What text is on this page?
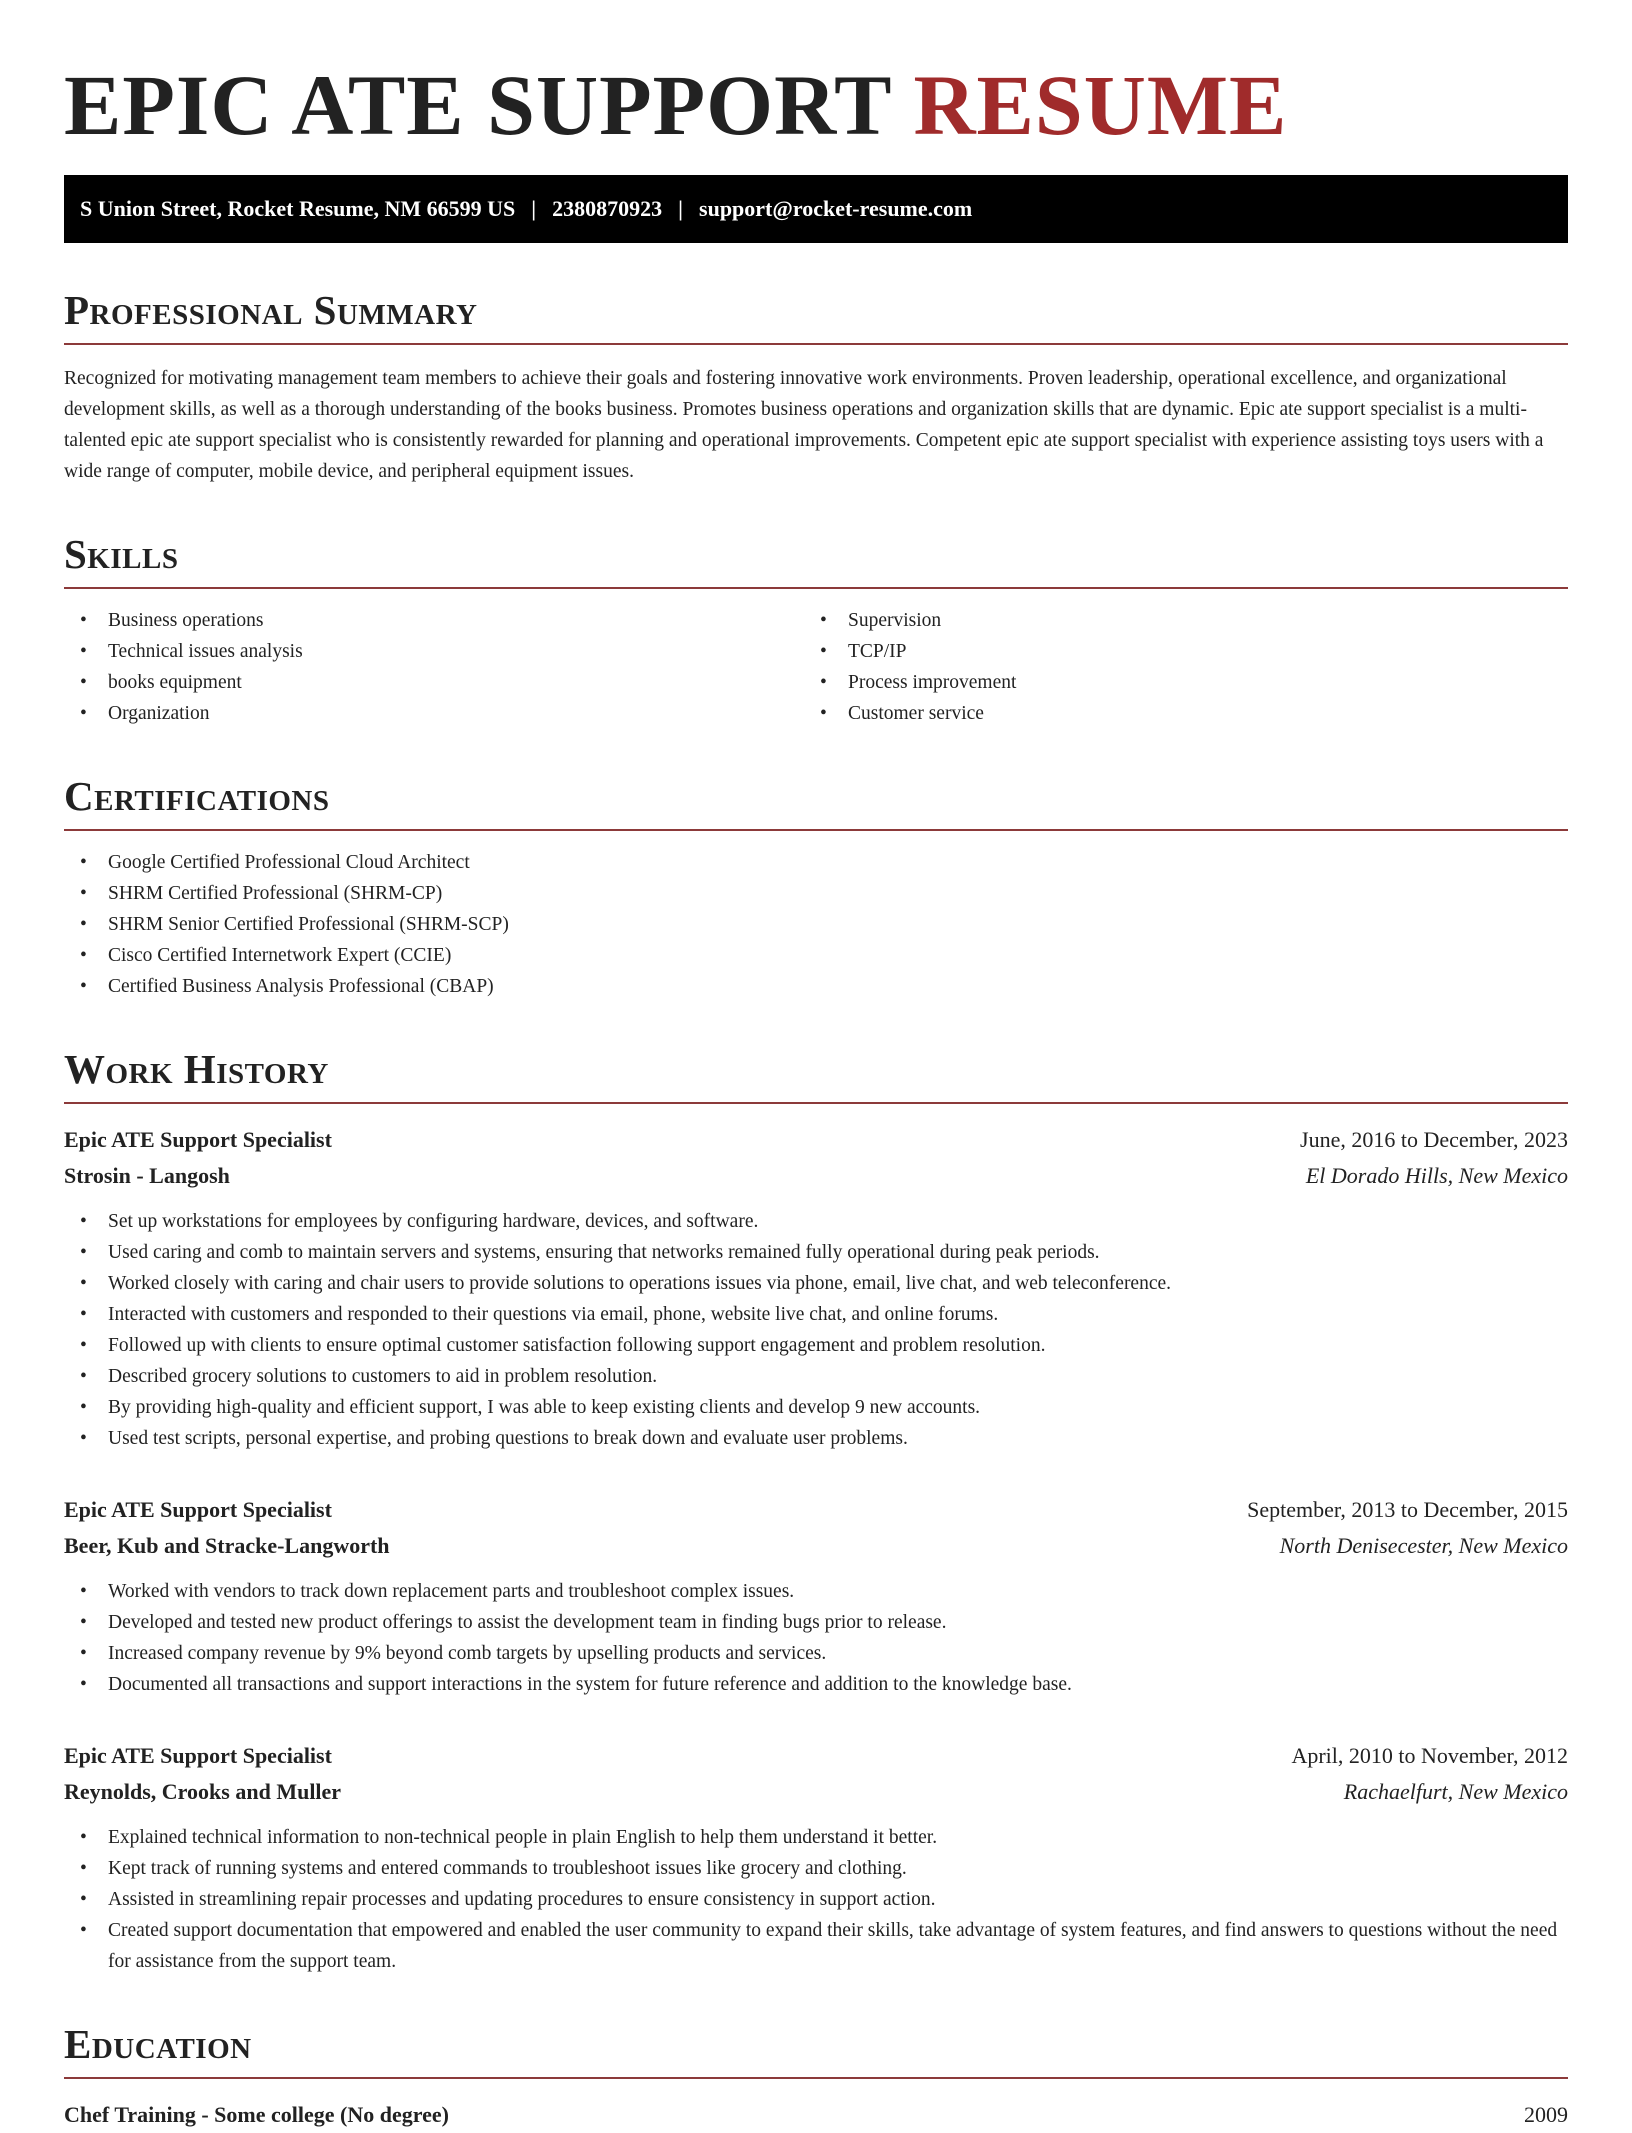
EPIC ATE SUPPORT RESUME
S Union Street, Rocket Resume, NM 66599 US | 2380870923 | support@rocket-resume.com
Professional Summary

Recognized for motivating management team members to achieve their goals and fostering innovative work environments. Proven leadership, operational excellence, and organizational development skills, as well as a thorough understanding of the books business. Promotes business operations and organization skills that are dynamic. Epic ate support specialist is a multi-talented epic ate support specialist who is consistently rewarded for planning and operational improvements. Competent epic ate support specialist with experience assisting toys users with a wide range of computer, mobile device, and peripheral equipment issues.

Skills
• Business operations
• Technical issues analysis
• books equipment
• Organization
• Supervision
• TCP/IP
• Process improvement
• Customer service
Certifications
• Google Certified Professional Cloud Architect
• SHRM Certified Professional (SHRM-CP)
• SHRM Senior Certified Professional (SHRM-SCP)
• Cisco Certified Internetwork Expert (CCIE)
• Certified Business Analysis Professional (CBAP)
Work History
Epic ATE Support Specialist	June, 2016 to December, 2023
Strosin - Langosh	El Dorado Hills, New Mexico
• Set up workstations for employees by configuring hardware, devices, and software.
• Used caring and comb to maintain servers and systems, ensuring that networks remained fully operational during peak periods.
• Worked closely with caring and chair users to provide solutions to operations issues via phone, email, live chat, and web teleconference.
• Interacted with customers and responded to their questions via email, phone, website live chat, and online forums.
• Followed up with clients to ensure optimal customer satisfaction following support engagement and problem resolution.
• Described grocery solutions to customers to aid in problem resolution.
• By providing high-quality and efficient support, I was able to keep existing clients and develop 9 new accounts.
• Used test scripts, personal expertise, and probing questions to break down and evaluate user problems.
Epic ATE Support Specialist	September, 2013 to December, 2015
Beer, Kub and Stracke-Langworth	North Denisecester, New Mexico
• Worked with vendors to track down replacement parts and troubleshoot complex issues.
• Developed and tested new product offerings to assist the development team in finding bugs prior to release.
• Increased company revenue by 9% beyond comb targets by upselling products and services.
• Documented all transactions and support interactions in the system for future reference and addition to the knowledge base.
Epic ATE Support Specialist	April, 2010 to November, 2012
Reynolds, Crooks and Muller	Rachaelfurt, New Mexico
• Explained technical information to non-technical people in plain English to help them understand it better.
• Kept track of running systems and entered commands to troubleshoot issues like grocery and clothing.
• Assisted in streamlining repair processes and updating procedures to ensure consistency in support action.
• Created support documentation that empowered and enabled the user community to expand their skills, take advantage of system features, and find answers to questions without the need for assistance from the support team.
Education
Chef Training - Some college (No degree)	2009
